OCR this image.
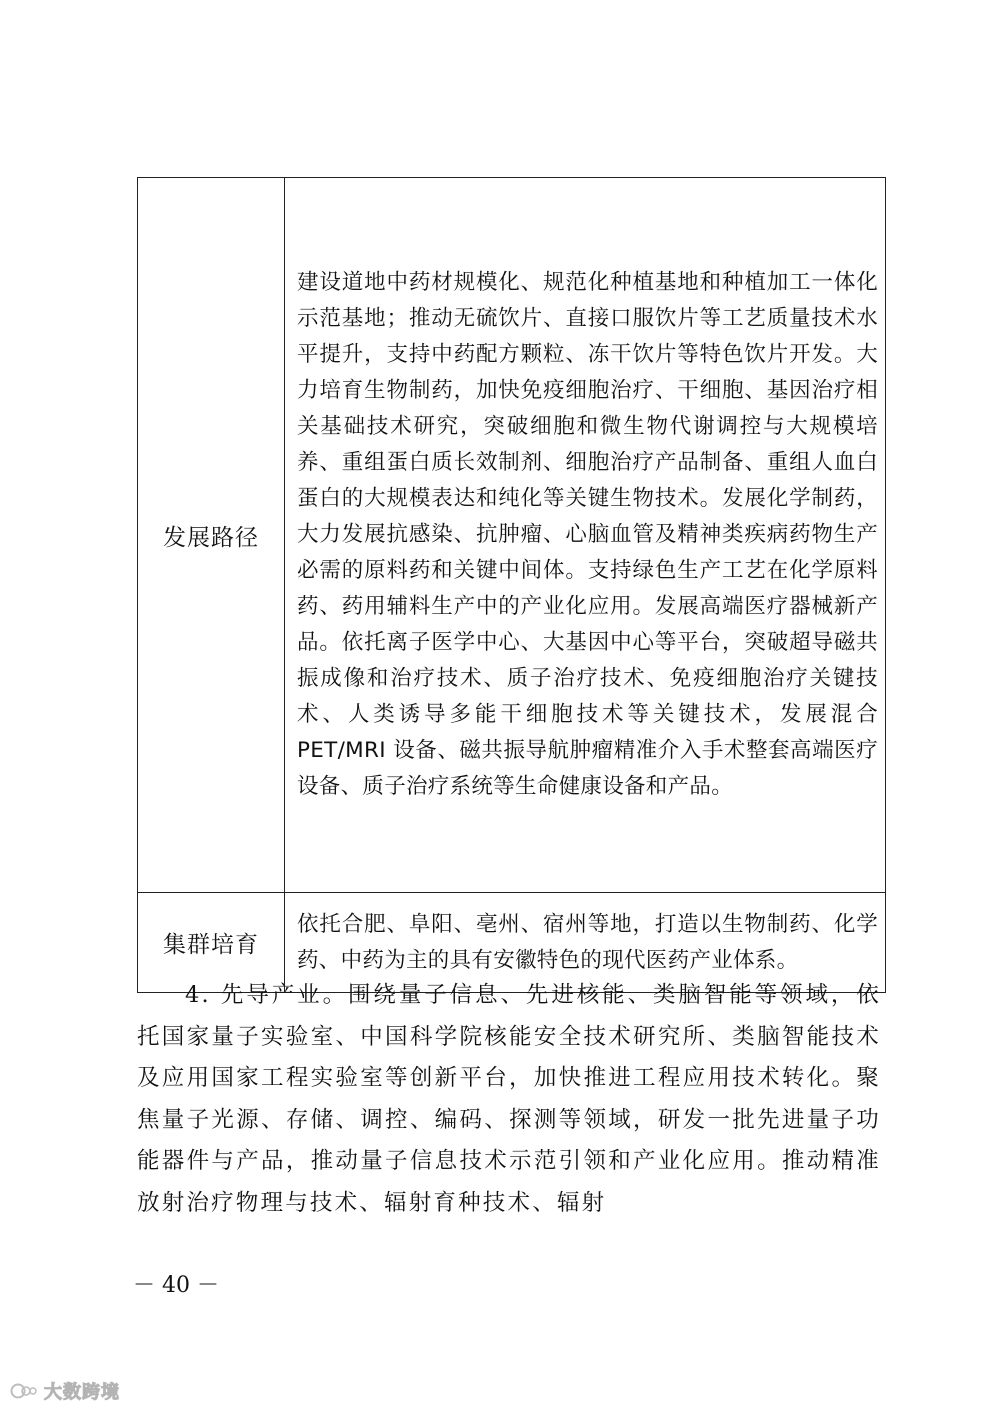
发展路径	建设道地中药材规模化、规范化种植基地和种植加工一体化示范基地；推动无硫饮片、直接口服饮片等工艺质量技术水平提升，支持中药配方颗粒、冻干饮片等特色饮片开发。大力培育生物制药，加快免疫细胞治疗、干细胞、基因治疗相关基础技术研究，突破细胞和微生物代谢调控与大规模培养、重组蛋白质长效制剂、细胞治疗产品制备、重组人血白蛋白的大规模表达和纯化等关键生物技术。发展化学制药，大力发展抗感染、抗肿瘤、心脑血管及精神类疾病药物生产必需的原料药和关键中间体。支持绿色生产工艺在化学原料药、药用辅料生产中的产业化应用。发展高端医疗器械新产品。依托离子医学中心、大基因中心等平台，突破超导磁共振成像和治疗技术、质子治疗技术、免疫细胞治疗关键技术、人类诱导多能干细胞技术等关键技术，发展混合 PET/MRI 设备、磁共振导航肿瘤精准介入手术整套高端医疗设备、质子治疗系统等生命健康设备和产品。
集群培育	依托合肥、阜阳、亳州、宿州等地，打造以生物制药、化学药、中药为主的具有安徽特色的现代医药产业体系。

4. 先导产业。围绕量子信息、先进核能、类脑智能等领域，依托国家量子实验室、中国科学院核能安全技术研究所、类脑智能技术及应用国家工程实验室等创新平台，加快推进工程应用技术转化。聚焦量子光源、存储、调控、编码、探测等领域，研发一批先进量子功能器件与产品，推动量子信息技术示范引领和产业化应用。推动精准放射治疗物理与技术、辐射育种技术、辐射

－ 40 －
大数跨境
